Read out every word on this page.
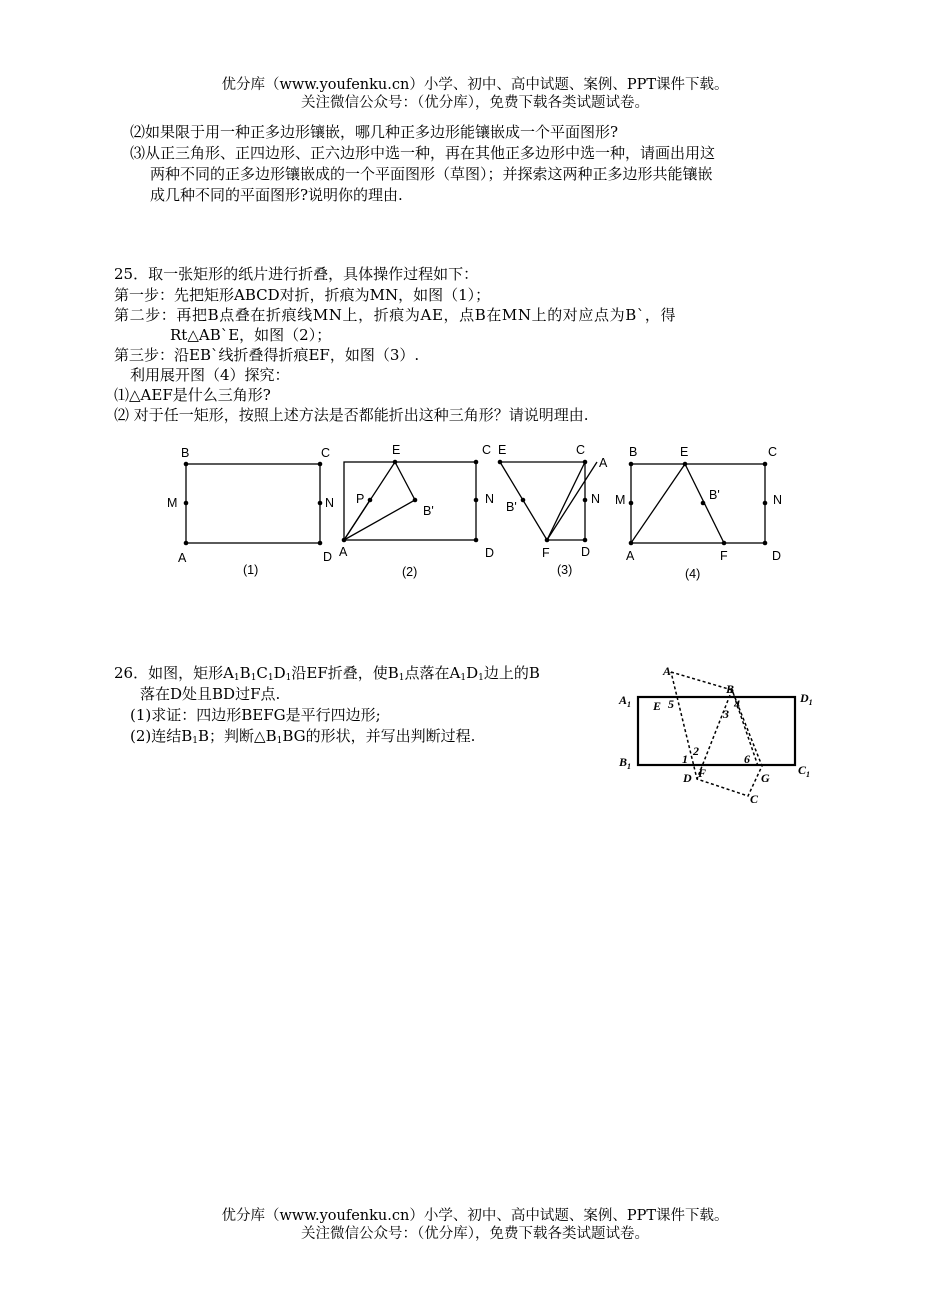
优分库（www.youfenku.cn）小学、初中、高中试题、案例、PPT课件下载。
关注微信公众号：（优分库），免费下载各类试题试卷。
⑵如果限于用一种正多边形镶嵌，哪几种正多边形能镶嵌成一个平面图形?
⑶从正三角形、正四边形、正六边形中选一种，再在其他正多边形中选一种，请画出用这
两种不同的正多边形镶嵌成的一个平面图形（草图）；并探索这两种正多边形共能镶嵌
成几种不同的平面图形?说明你的理由.
25．取一张矩形的纸片进行折叠，具体操作过程如下：
第一步：先把矩形ABCD对折，折痕为MN，如图（1）；
第二步：再把B点叠在折痕线MN上，折痕为AE，点B在MN上的对应点为B`，得
Rt△AB`E，如图（2）；
第三步：沿EB`线折叠得折痕EF，如图（3）.
利用展开图（4）探究：
⑴△AEF是什么三角形?
⑵ 对于任一矩形，按照上述方法是否都能折出这种三角形？请说明理由.
B	C
M	N
A	D
(1)
E	C
P	N
B'
A	D
(2)
E	C
A
B'
N
F	D
(3)
B	E	C
M	B'	N
A	F	D
(4)
26．如图，矩形$A_1B_1C_1D_1$沿EF折叠，使$B_1$点落在$A_1D_1$边上的B
落在D处且BD过F点.
(1)求证：四边形BEFG是平行四边形;
(2)连结$B_1B$；判断$\triangle B_1BG$的形状，并写出判断过程.
$A_1$	$D_1$
$B_1$	$C_1$
A
B
E
F	G
D
C
1
2
3
4
5
6
优分库（www.youfenku.cn）小学、初中、高中试题、案例、PPT课件下载。
关注微信公众号：（优分库），免费下载各类试题试卷。
